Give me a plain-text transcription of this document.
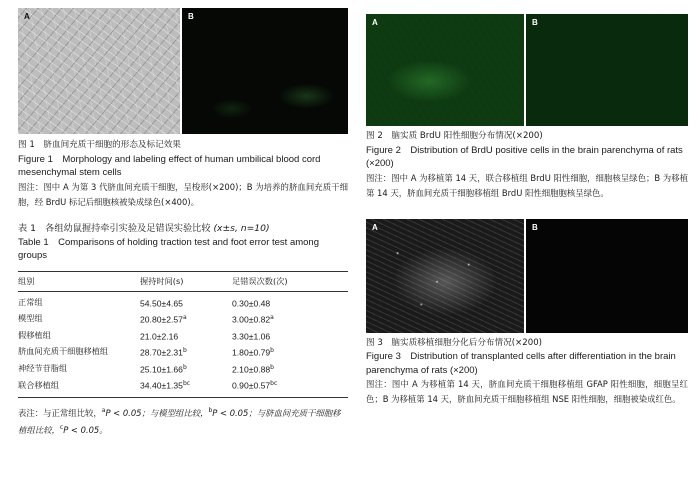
A	B
图 1　脐血间充质干细胞的形态及标记效果
Figure 1　Morphology and labeling effect of human umbilical blood cord mesenchymal stem cells
图注：图中 A 为第 3 代脐血间充质干细胞，呈梭形(×200)；B 为培养的脐血间充质干细胞，经 BrdU 标记后细胞核被染成绿色(×400)。
表 1　各组幼鼠握持牵引实验及足错误实验比较 (x±s, n=10)
Table 1　Comparisons of holding traction test and foot error test among groups
组别	握持时间(s)	足错误次数(次)
正常组	54.50±4.65	0.30±0.48
模型组	20.80±2.57$^a$	3.00±0.82$^a$
假移植组	21.0±2.16	3.30±1.06
脐血间充质干细胞移植组	28.70±2.31$^b$	1.80±0.79$^b$
神经节苷脂组	25.10±1.66$^b$	2.10±0.88$^b$
联合移植组	34.40±1.35$^{bc}$	0.90±0.57$^{bc}$
表注：与正常组比较，$^a$P < 0.05；与模型组比较，$^b$P < 0.05；与脐血间充质干细胞移植组比较，$^c$P < 0.05。
A	B
图 2　脑实质 BrdU 阳性细胞分布情况(×200)
Figure 2　Distribution of BrdU positive cells in the brain parenchyma of rats (×200)
图注：图中 A 为移植第 14 天，联合移植组 BrdU 阳性细胞，细胞核呈绿色；B 为移植第 14 天，脐血间充质干细胞移植组 BrdU 阳性细胞胞核呈绿色。
A	B
图 3　脑实质移植细胞分化后分布情况(×200)
Figure 3　Distribution of transplanted cells after differentiation in the brain parenchyma of rats (×200)
图注：图中 A 为移植第 14 天，脐血间充质干细胞移植组 GFAP 阳性细胞，细胞呈红色；B 为移植第 14 天，脐血间充质干细胞移植组 NSE 阳性细胞，细胞被染成红色。
